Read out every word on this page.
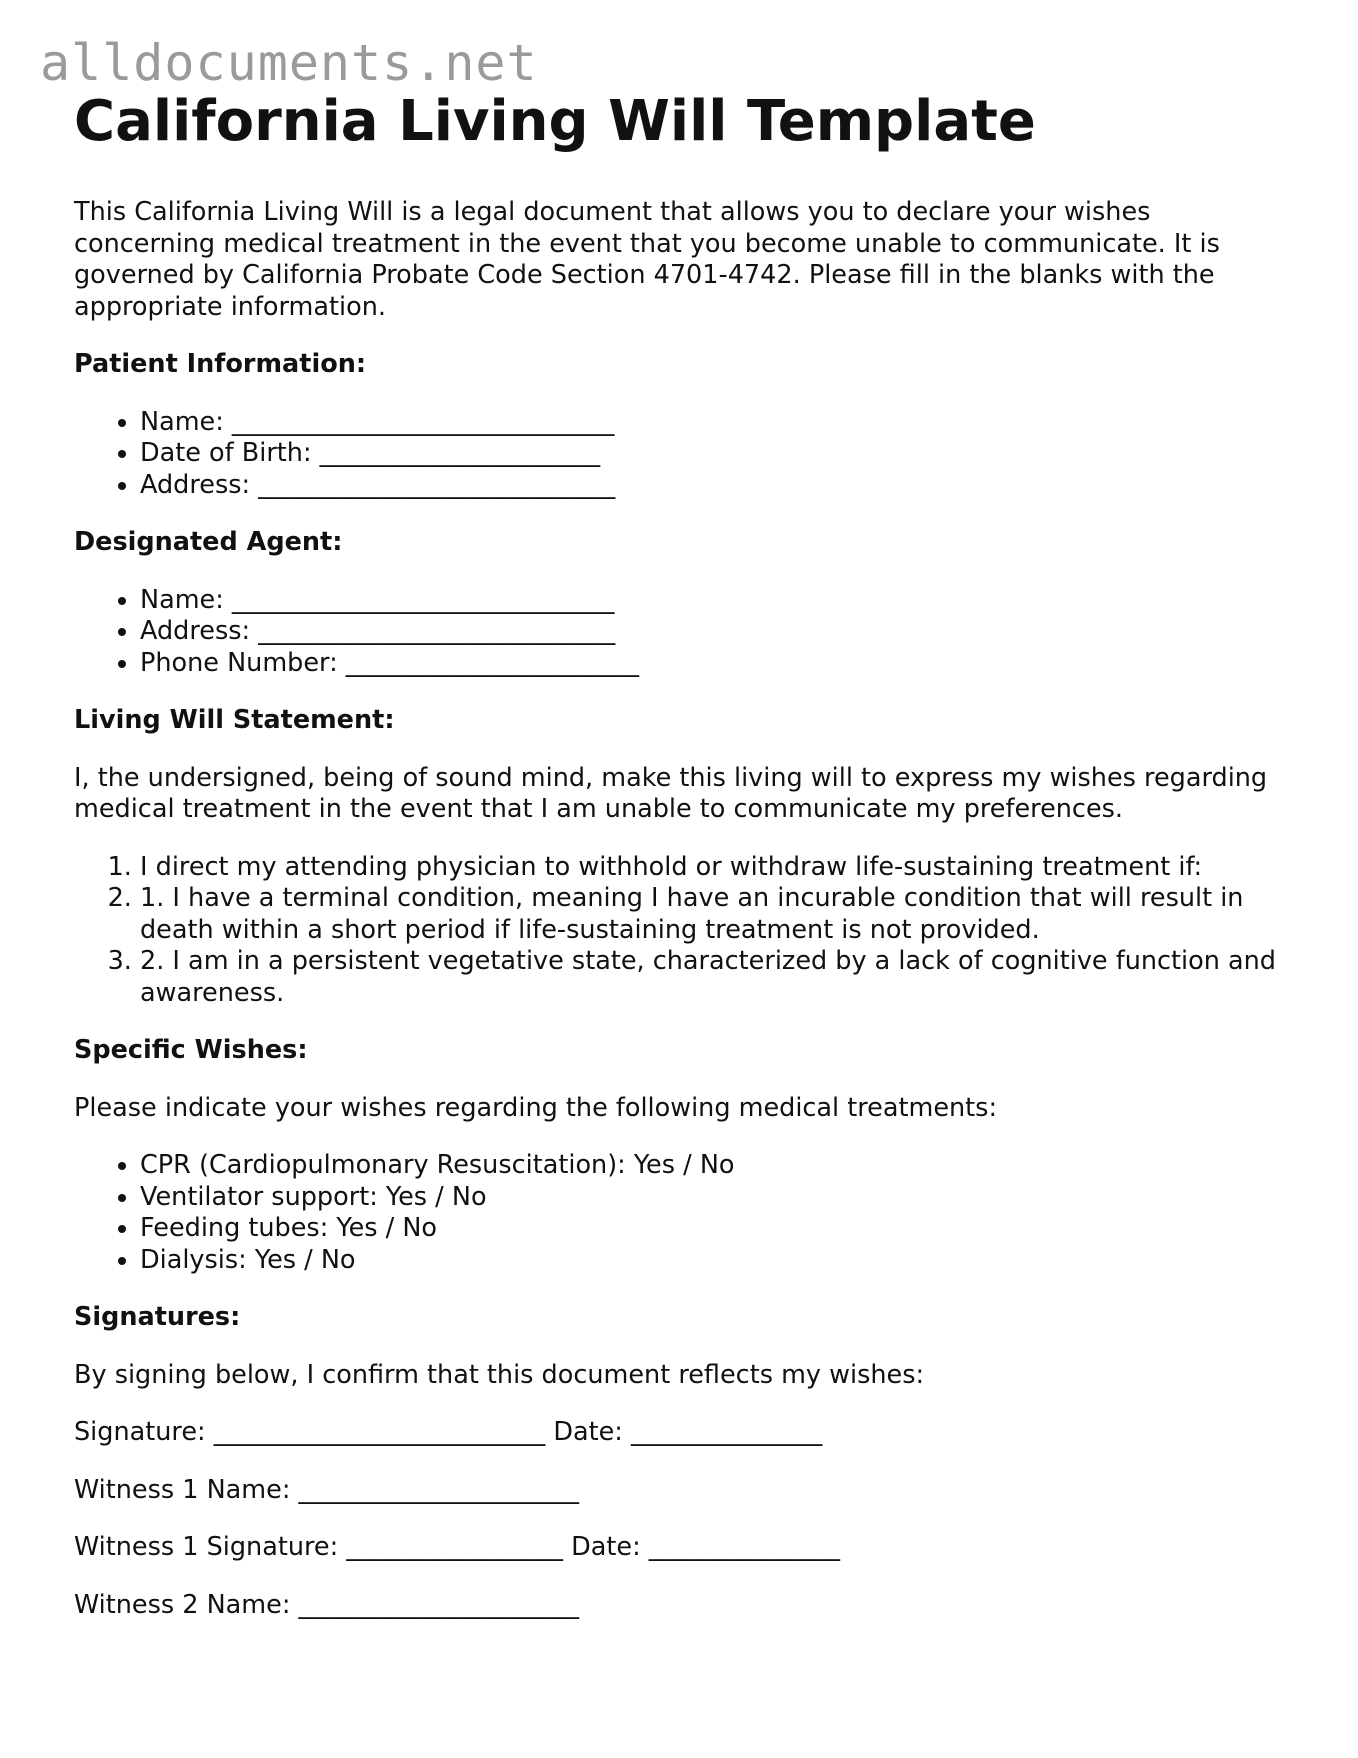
alldocuments.net
California Living Will Template

This California Living Will is a legal document that allows you to declare your wishes concerning medical treatment in the event that you become unable to communicate. It is governed by California Probate Code Section 4701-4742. Please fill in the blanks with the appropriate information.

Patient Information:
• Name: ______________________________
• Date of Birth: ______________________
• Address: ____________________________
Designated Agent:
• Name: ______________________________
• Address: ____________________________
• Phone Number: _______________________
Living Will Statement:

I, the undersigned, being of sound mind, make this living will to express my wishes regarding medical treatment in the event that I am unable to communicate my preferences.

1. I direct my attending physician to withhold or withdraw life-sustaining treatment if:
2. 1. I have a terminal condition, meaning I have an incurable condition that will result in death within a short period if life-sustaining treatment is not provided.
3. 2. I am in a persistent vegetative state, characterized by a lack of cognitive function and awareness.
Specific Wishes:

Please indicate your wishes regarding the following medical treatments:

• CPR (Cardiopulmonary Resuscitation): Yes / No
• Ventilator support: Yes / No
• Feeding tubes: Yes / No
• Dialysis: Yes / No
Signatures:

By signing below, I confirm that this document reflects my wishes:

Signature: __________________________ Date: _______________

Witness 1 Name: ______________________

Witness 1 Signature: _________________ Date: _______________

Witness 2 Name: ______________________
